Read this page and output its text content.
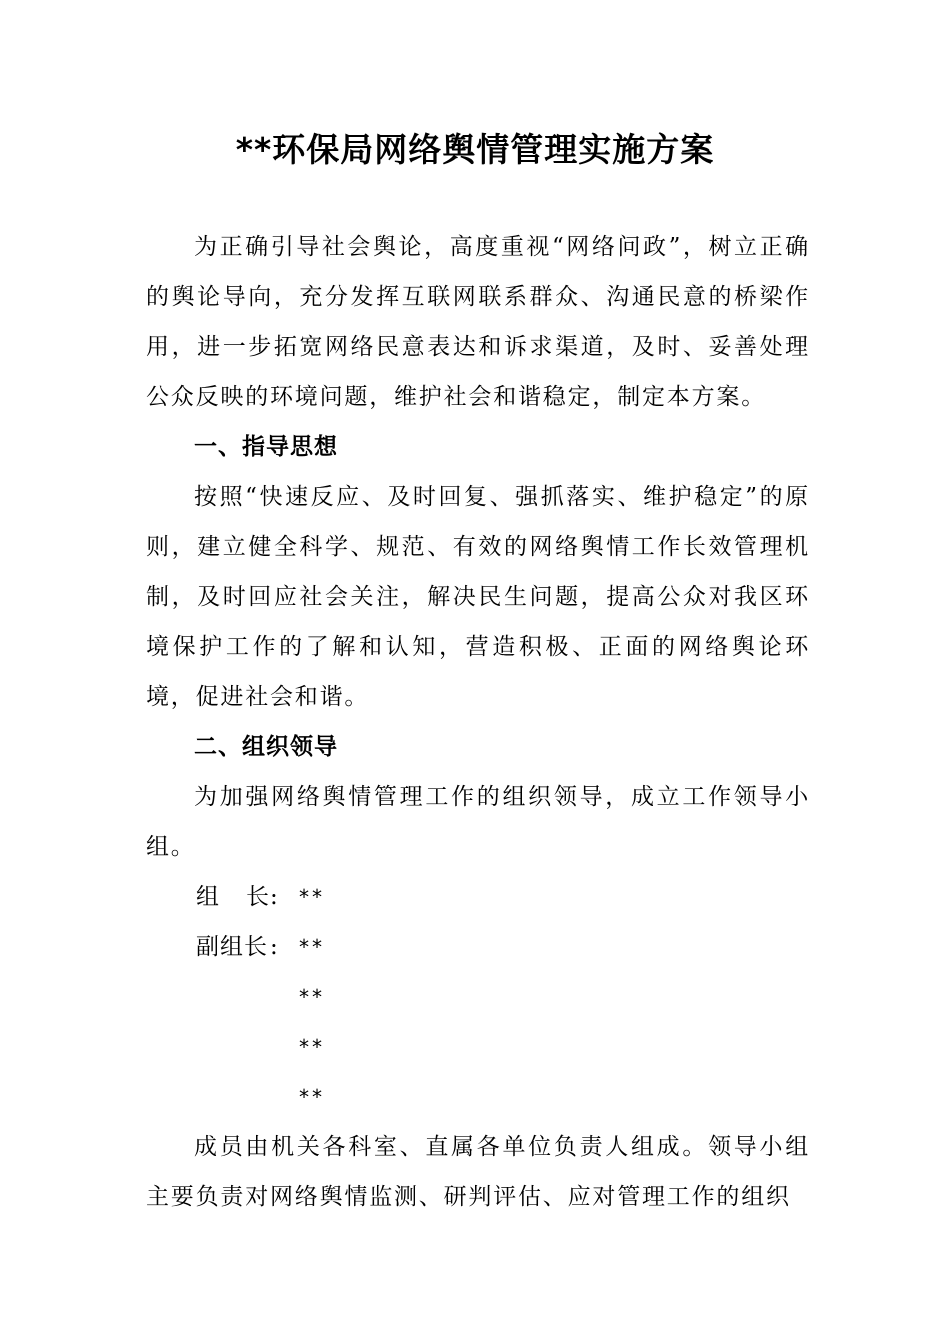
**环保局网络舆情管理实施方案

为正确引导社会舆论，高度重视“网络问政”，树立正确的舆论导向，充分发挥互联网联系群众、沟通民意的桥梁作用，进一步拓宽网络民意表达和诉求渠道，及时、妥善处理公众反映的环境问题，维护社会和谐稳定，制定本方案。

一、指导思想

按照“快速反应、及时回复、强抓落实、维护稳定”的原则，建立健全科学、规范、有效的网络舆情工作长效管理机制，及时回应社会关注，解决民生问题，提高公众对我区环境保护工作的了解和认知，营造积极、正面的网络舆论环境，促进社会和谐。

二、组织领导

为加强网络舆情管理工作的组织领导，成立工作领导小组。

组 长 : **
副组长 : **
**
**
**

成员由机关各科室、直属各单位负责人组成。领导小组主要负责对网络舆情监测、研判评估、应对管理工作的组织
